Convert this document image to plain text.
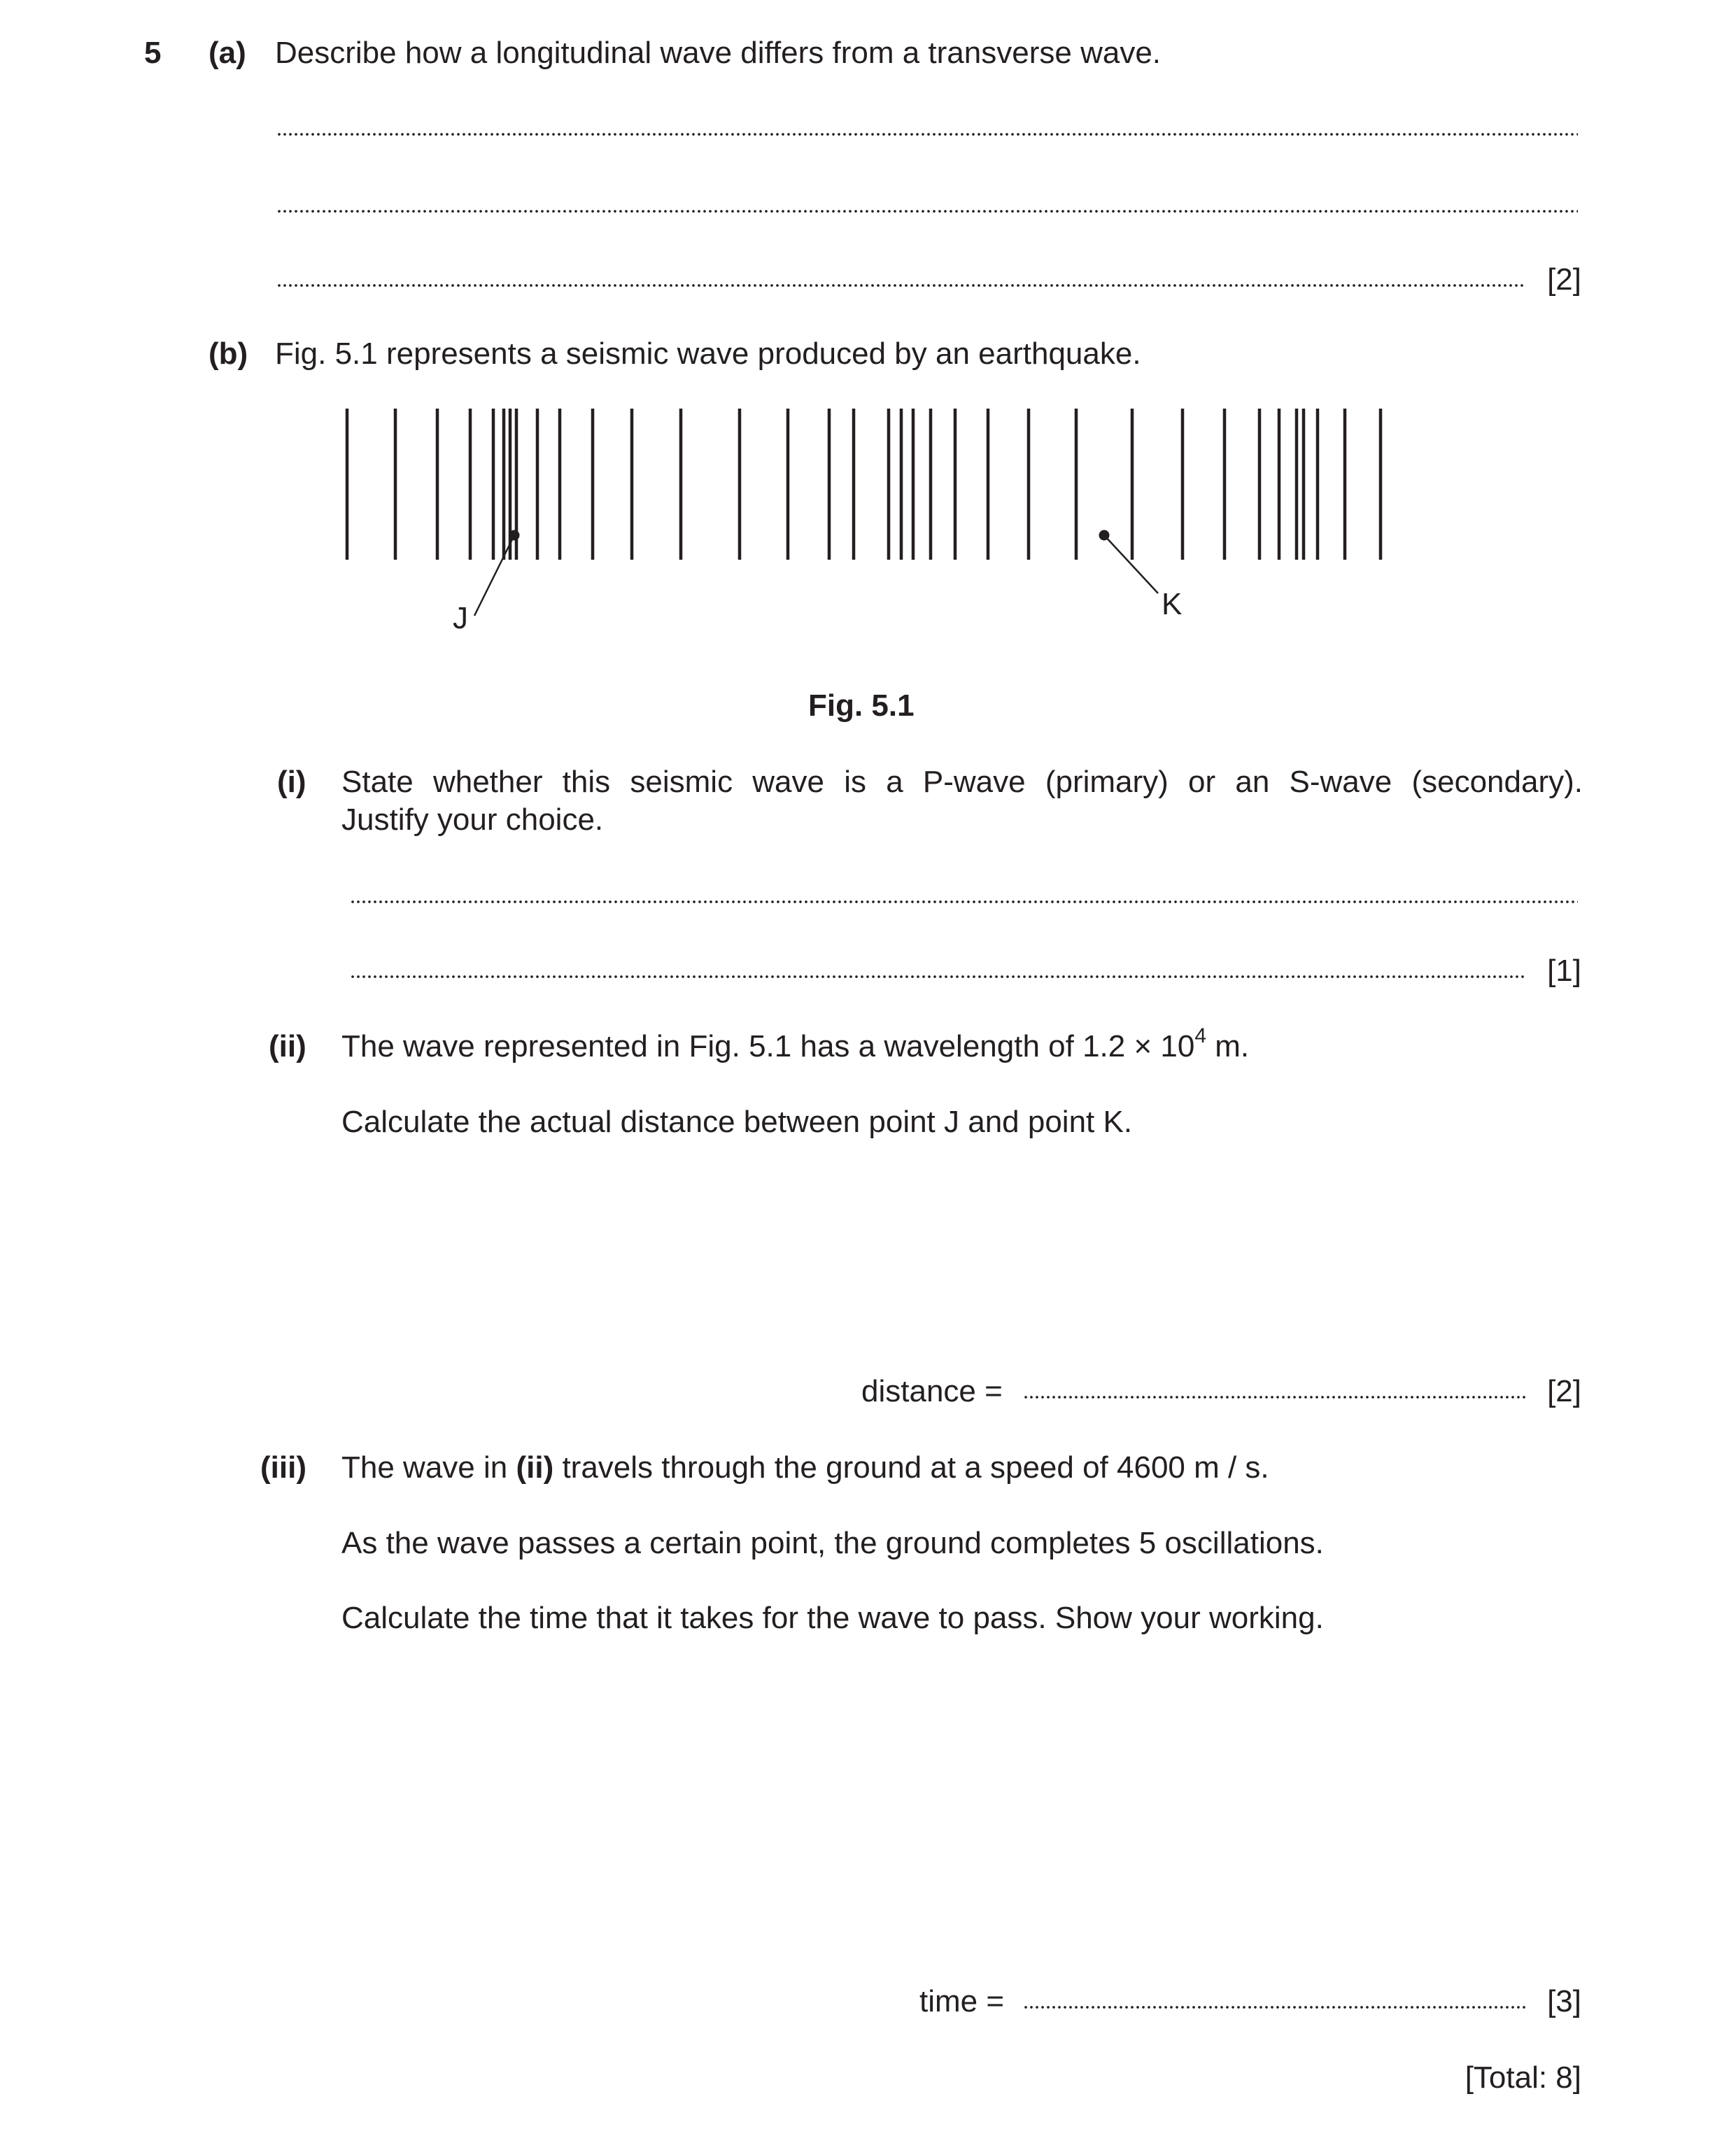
5 (a) Describe how a longitudinal wave differs from a transverse wave.
[2]
(b) Fig. 5.1 represents a seismic wave produced by an earthquake.
J	K
Fig. 5.1
(i) State whether this seismic wave is a P-wave (primary) or an S-wave (secondary).
Justify your choice.
[1]
(ii) The wave represented in Fig. 5.1 has a wavelength of $1.2 \times 10^4$ m.
Calculate the actual distance between point J and point K.
distance =	[2]
(iii) The wave in (ii) travels through the ground at a speed of 4600 m / s.
As the wave passes a certain point, the ground completes 5 oscillations.
Calculate the time that it takes for the wave to pass. Show your working.
time =	[3]
[Total: 8]
